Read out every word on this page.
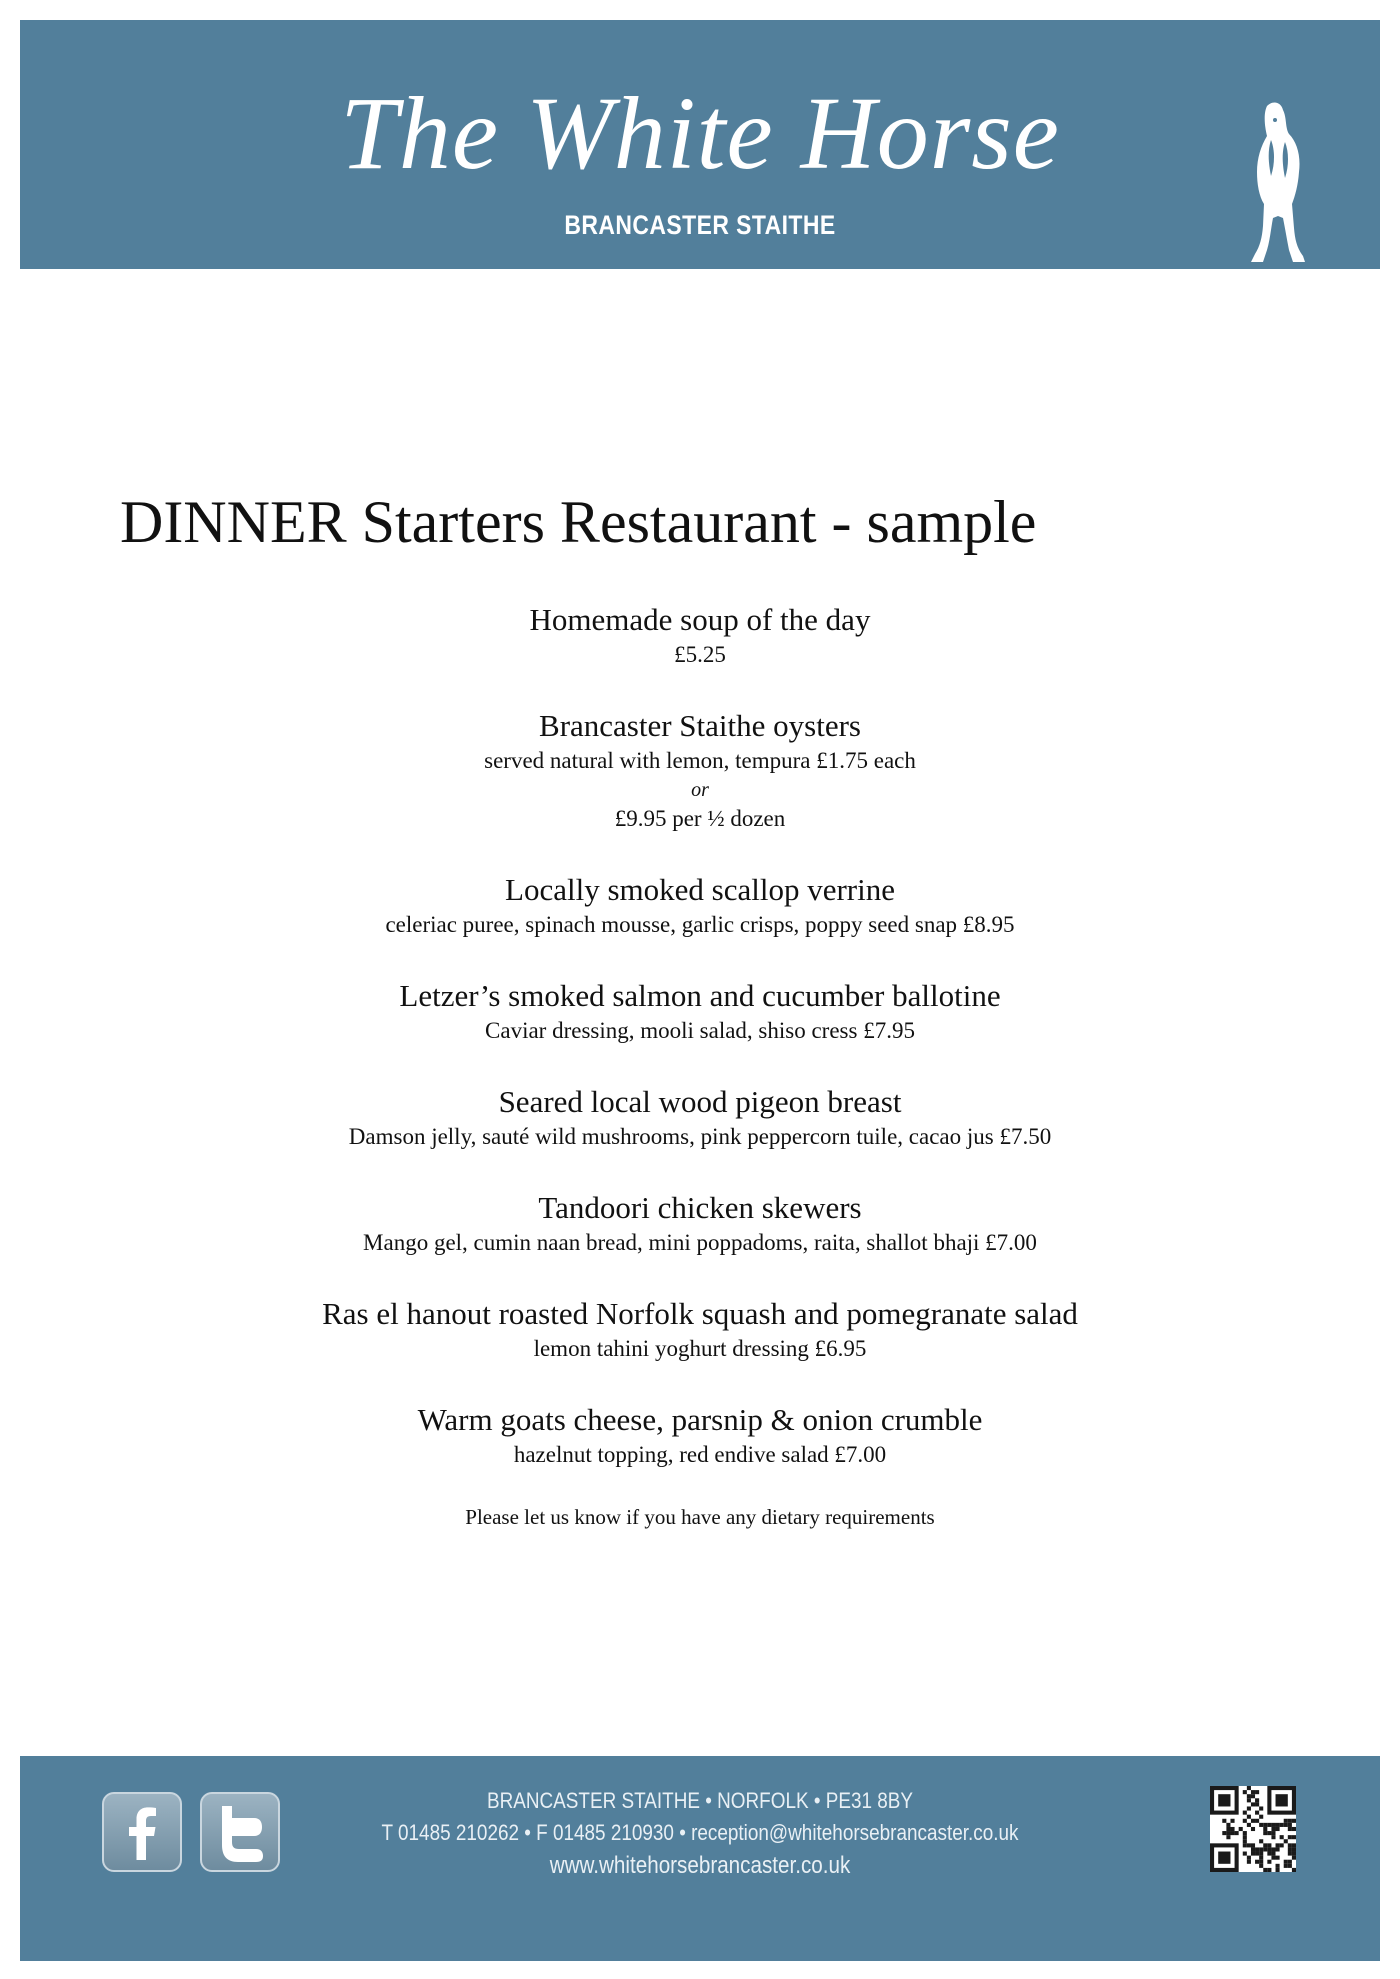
The White Horse
BRANCASTER STAITHE
DINNER Starters Restaurant - sample
Homemade soup of the day
£5.25
Brancaster Staithe oysters
served natural with lemon, tempura £1.75 each
or
£9.95 per ½ dozen
Locally smoked scallop verrine
celeriac puree, spinach mousse, garlic crisps, poppy seed snap £8.95
Letzer’s smoked salmon and cucumber ballotine
Caviar dressing, mooli salad, shiso cress £7.95
Seared local wood pigeon breast
Damson jelly, sauté wild mushrooms, pink peppercorn tuile, cacao jus £7.50
Tandoori chicken skewers
Mango gel, cumin naan bread, mini poppadoms, raita, shallot bhaji £7.00
Ras el hanout roasted Norfolk squash and pomegranate salad
lemon tahini yoghurt dressing £6.95
Warm goats cheese, parsnip & onion crumble
hazelnut topping, red endive salad £7.00
Please let us know if you have any dietary requirements
BRANCASTER STAITHE • NORFOLK • PE31 8BY
T 01485 210262 • F 01485 210930 • reception@whitehorsebrancaster.co.uk
www.whitehorsebrancaster.co.uk
